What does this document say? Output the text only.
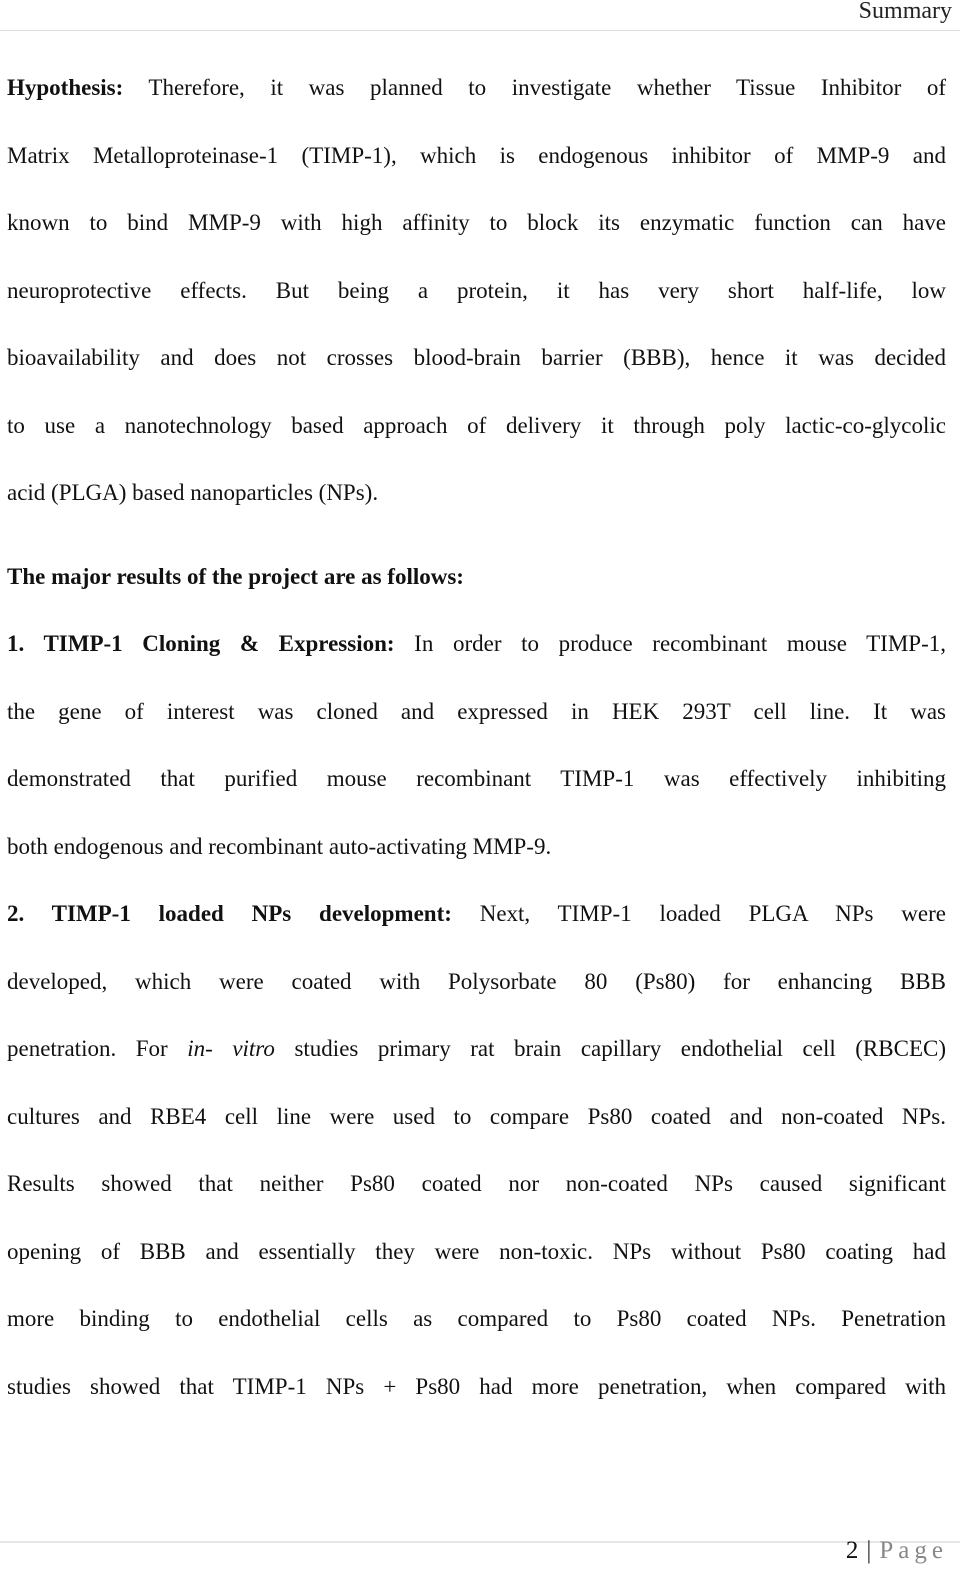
Summary
Hypothesis: Therefore, it was planned to investigate whether Tissue Inhibitor of
Matrix Metalloproteinase-1 (TIMP-1), which is endogenous inhibitor of MMP-9 and
known to bind MMP-9 with high affinity to block its enzymatic function can have
neuroprotective effects. But being a protein, it has very short half-life, low
bioavailability and does not crosses blood-brain barrier (BBB), hence it was decided
to use a nanotechnology based approach of delivery it through poly lactic-co-glycolic
acid (PLGA) based nanoparticles (NPs).
The major results of the project are as follows:
1. TIMP-1 Cloning & Expression: In order to produce recombinant mouse TIMP-1,
the gene of interest was cloned and expressed in HEK 293T cell line. It was
demonstrated that purified mouse recombinant TIMP-1 was effectively inhibiting
both endogenous and recombinant auto-activating MMP-9.
2. TIMP-1 loaded NPs development: Next, TIMP-1 loaded PLGA NPs were
developed, which were coated with Polysorbate 80 (Ps80) for enhancing BBB
penetration. For in- vitro studies primary rat brain capillary endothelial cell (RBCEC)
cultures and RBE4 cell line were used to compare Ps80 coated and non-coated NPs.
Results showed that neither Ps80 coated nor non-coated NPs caused significant
opening of BBB and essentially they were non-toxic. NPs without Ps80 coating had
more binding to endothelial cells as compared to Ps80 coated NPs. Penetration
studies showed that TIMP-1 NPs + Ps80 had more penetration, when compared with
2 | Page
